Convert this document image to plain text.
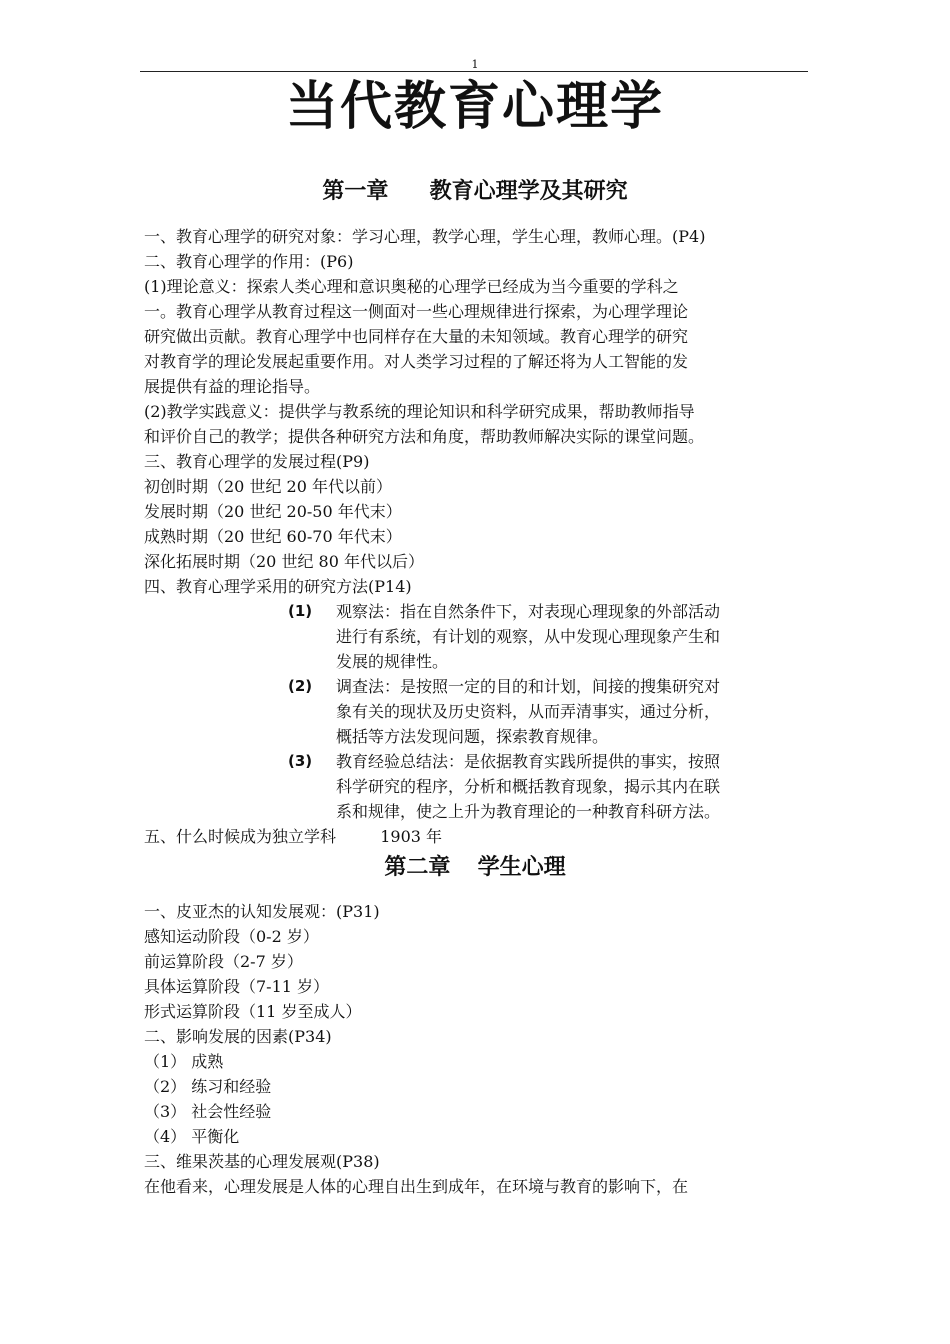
1
当代教育心理学
第一章 教育心理学及其研究
一、教育心理学的研究对象：学习心理，教学心理，学生心理，教师心理。(P4)
二、教育心理学的作用：(P6)
(1)理论意义：探索人类心理和意识奥秘的心理学已经成为当今重要的学科之
一。教育心理学从教育过程这一侧面对一些心理规律进行探索，为心理学理论
研究做出贡献。教育心理学中也同样存在大量的未知领域。教育心理学的研究
对教育学的理论发展起重要作用。对人类学习过程的了解还将为人工智能的发
展提供有益的理论指导。
(2)教学实践意义：提供学与教系统的理论知识和科学研究成果，帮助教师指导
和评价自己的教学；提供各种研究方法和角度，帮助教师解决实际的课堂问题。
三、教育心理学的发展过程(P9)
初创时期（20 世纪 20 年代以前）
发展时期（20 世纪 20-50 年代末）
成熟时期（20 世纪 60-70 年代末）
深化拓展时期（20 世纪 80 年代以后）
四、教育心理学采用的研究方法(P14)
(1)	观察法：指在自然条件下，对表现心理现象的外部活动
进行有系统，有计划的观察，从中发现心理现象产生和
发展的规律性。
(2)	调查法：是按照一定的目的和计划，间接的搜集研究对
象有关的现状及历史资料，从而弄清事实，通过分析，
概括等方法发现问题，探索教育规律。
(3)	教育经验总结法：是依据教育实践所提供的事实，按照
科学研究的程序，分析和概括教育现象，揭示其内在联
系和规律，使之上升为教育理论的一种教育科研方法。
五、什么时候成为独立学科	1903 年
第二章 学生心理
一、皮亚杰的认知发展观：(P31)
感知运动阶段（0-2 岁）
前运算阶段（2-7 岁）
具体运算阶段（7-11 岁）
形式运算阶段（11 岁至成人）
二、影响发展的因素(P34)
（1） 成熟
（2） 练习和经验
（3） 社会性经验
（4） 平衡化
三、维果茨基的心理发展观(P38)
在他看来，心理发展是人体的心理自出生到成年，在环境与教育的影响下，在
